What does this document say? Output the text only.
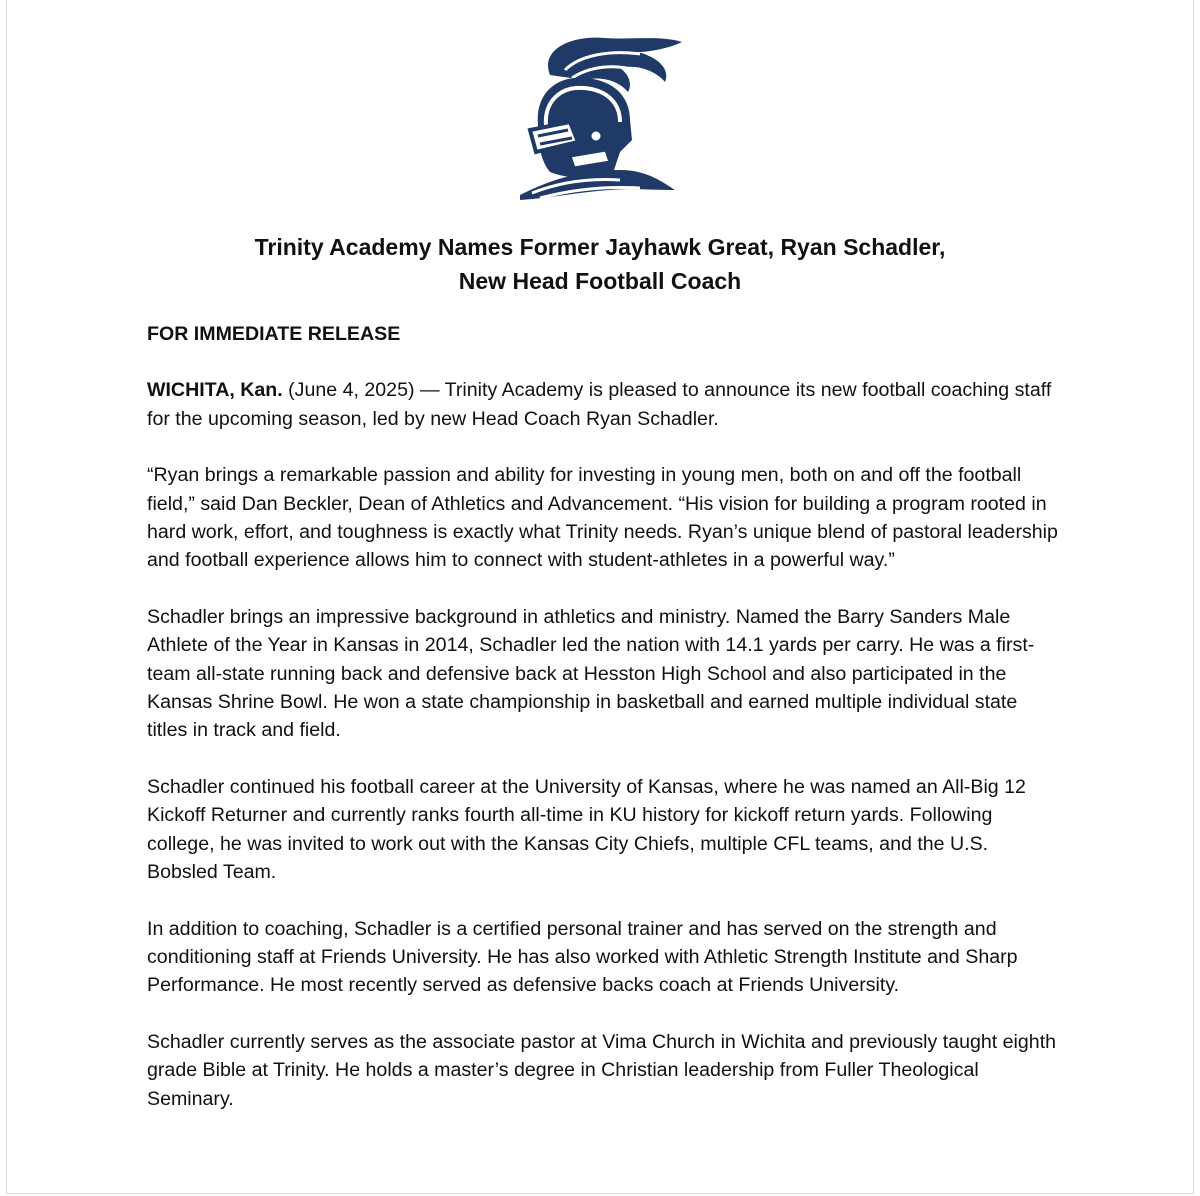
Trinity Academy Names Former Jayhawk Great, Ryan Schadler,
New Head Football Coach

FOR IMMEDIATE RELEASE

WICHITA, Kan. (June 4, 2025) — Trinity Academy is pleased to announce its new football coaching staff for the upcoming season, led by new Head Coach Ryan Schadler.

“Ryan brings a remarkable passion and ability for investing in young men, both on and off the football field,” said Dan Beckler, Dean of Athletics and Advancement. “His vision for building a program rooted in hard work, effort, and toughness is exactly what Trinity needs. Ryan’s unique blend of pastoral leadership and football experience allows him to connect with student-athletes in a powerful way.”

Schadler brings an impressive background in athletics and ministry. Named the Barry Sanders Male Athlete of the Year in Kansas in 2014, Schadler led the nation with 14.1 yards per carry. He was a first-team all-state running back and defensive back at Hesston High School and also participated in the Kansas Shrine Bowl. He won a state championship in basketball and earned multiple individual state titles in track and field.

Schadler continued his football career at the University of Kansas, where he was named an All-Big 12 Kickoff Returner and currently ranks fourth all-time in KU history for kickoff return yards. Following college, he was invited to work out with the Kansas City Chiefs, multiple CFL teams, and the U.S. Bobsled Team.

In addition to coaching, Schadler is a certified personal trainer and has served on the strength and conditioning staff at Friends University. He has also worked with Athletic Strength Institute and Sharp Performance. He most recently served as defensive backs coach at Friends University.

Schadler currently serves as the associate pastor at Vima Church in Wichita and previously taught eighth grade Bible at Trinity. He holds a master’s degree in Christian leadership from Fuller Theological Seminary.
